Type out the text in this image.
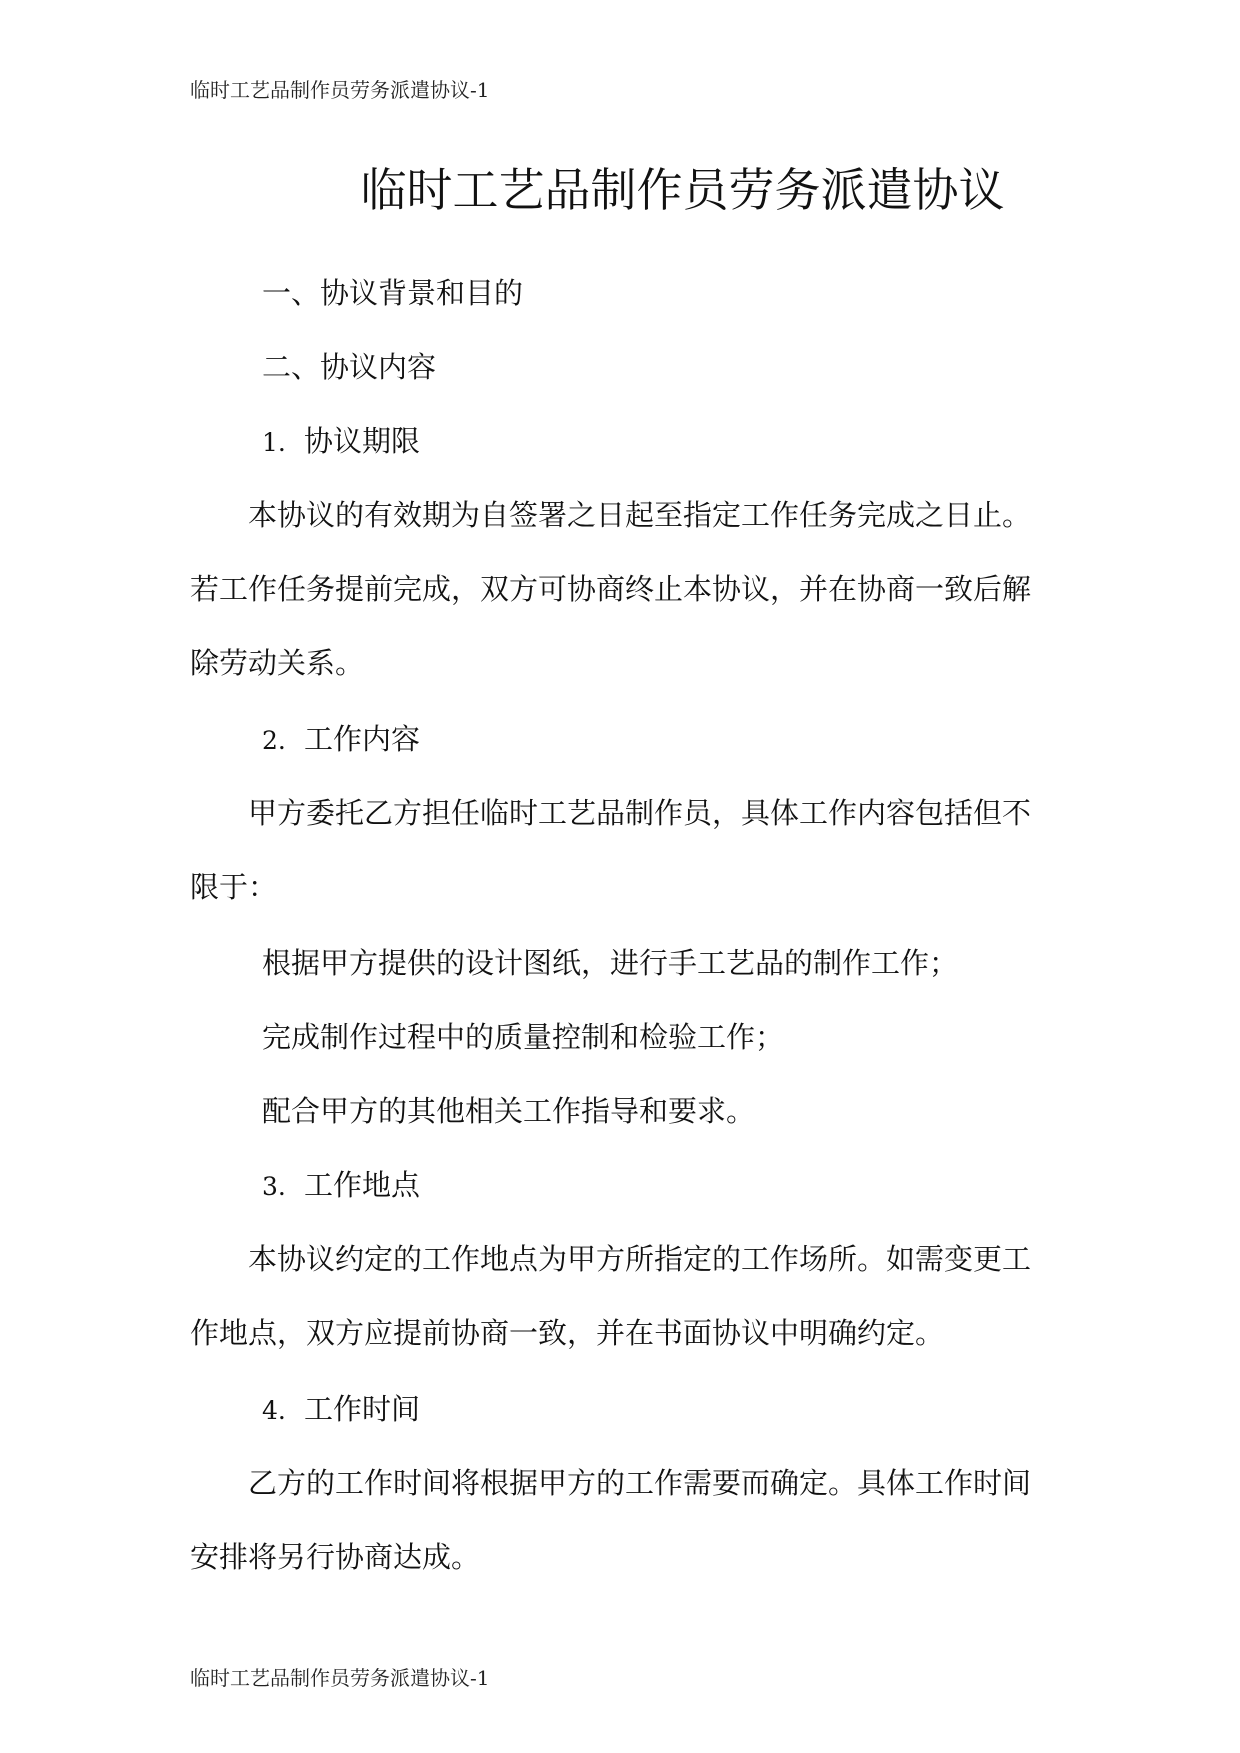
临时工艺品制作员劳务派遣协议-1
临时工艺品制作员劳务派遣协议
一、协议背景和目的
二、协议内容
1. 协议期限
本协议的有效期为自签署之日起至指定工作任务完成之日止。若工作任务提前完成，双方可协商终止本协议，并在协商一致后解除劳动关系。
2. 工作内容
甲方委托乙方担任临时工艺品制作员，具体工作内容包括但不限于：
根据甲方提供的设计图纸，进行手工艺品的制作工作；
完成制作过程中的质量控制和检验工作；
配合甲方的其他相关工作指导和要求。
3. 工作地点
本协议约定的工作地点为甲方所指定的工作场所。如需变更工作地点，双方应提前协商一致，并在书面协议中明确约定。
4. 工作时间
乙方的工作时间将根据甲方的工作需要而确定。具体工作时间安排将另行协商达成。
临时工艺品制作员劳务派遣协议-1
